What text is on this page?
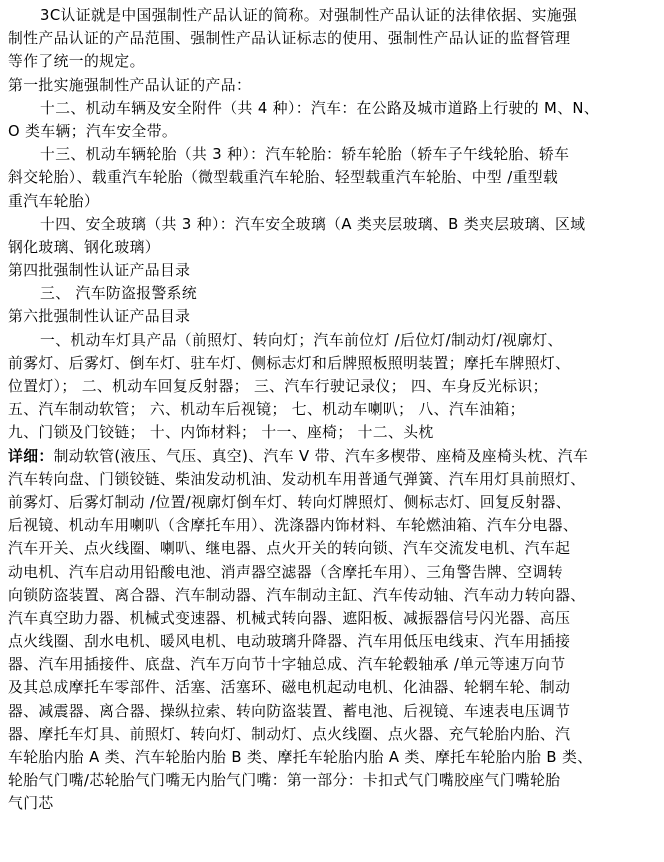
3C认证就是中国强制性产品认证的简称。对强制性产品认证的法律依据、实施强
制性产品认证的产品范围、强制性产品认证标志的使用、强制性产品认证的监督管理
等作了统一的规定。
第一批实施强制性产品认证的产品：
十二、机动车辆及安全附件（共 4 种）：汽车：在公路及城市道路上行驶的 M、N、
O 类车辆；汽车安全带。
十三、机动车辆轮胎（共 3 种）：汽车轮胎：轿车轮胎（轿车子午线轮胎、轿车
斜交轮胎）、载重汽车轮胎（微型载重汽车轮胎、轻型载重汽车轮胎、中型 /重型载
重汽车轮胎）
十四、安全玻璃（共 3 种）：汽车安全玻璃（A 类夹层玻璃、B 类夹层玻璃、区域
钢化玻璃、钢化玻璃）
第四批强制性认证产品目录
三、 汽车防盗报警系统
第六批强制性认证产品目录
一、机动车灯具产品（前照灯、转向灯；汽车前位灯 /后位灯/制动灯/视廓灯、
前雾灯、后雾灯、倒车灯、驻车灯、侧标志灯和后牌照板照明装置；摩托车牌照灯、
位置灯）； 二、机动车回复反射器； 三、汽车行驶记录仪； 四、车身反光标识；
五、汽车制动软管； 六、机动车后视镜； 七、机动车喇叭； 八、汽车油箱；
九、门锁及门铰链； 十、内饰材料； 十一、座椅； 十二、头枕
详细：制动软管(液压、气压、真空)、汽车 V 带、汽车多楔带、座椅及座椅头枕、汽车
汽车转向盘、门锁铰链、柴油发动机油、发动机车用普通气弹簧、汽车用灯具前照灯、
前雾灯、后雾灯制动 /位置/视廓灯倒车灯、转向灯牌照灯、侧标志灯、回复反射器、
后视镜、机动车用喇叭（含摩托车用）、洗涤器内饰材料、车轮燃油箱、汽车分电器、
汽车开关、点火线圈、喇叭、继电器、点火开关的转向锁、汽车交流发电机、汽车起
动电机、汽车启动用铅酸电池、消声器空滤器（含摩托车用）、三角警告牌、空调转
向锁防盗装置、离合器、汽车制动器、汽车制动主缸、汽车传动轴、汽车动力转向器、
汽车真空助力器、机械式变速器、机械式转向器、遮阳板、减振器信号闪光器、高压
点火线圈、刮水电机、暖风电机、电动玻璃升降器、汽车用低压电线束、汽车用插接
器、汽车用插接件、底盘、汽车万向节十字轴总成、汽车轮毂轴承 /单元等速万向节
及其总成摩托车零部件、活塞、活塞环、磁电机起动电机、化油器、轮辋车轮、制动
器、减震器、离合器、操纵拉索、转向防盗装置、蓄电池、后视镜、车速表电压调节
器、摩托车灯具、前照灯、转向灯、制动灯、点火线圈、点火器、充气轮胎内胎、汽
车轮胎内胎 A 类、汽车轮胎内胎 B 类、摩托车轮胎内胎 A 类、摩托车轮胎内胎 B 类、
轮胎气门嘴/芯轮胎气门嘴无内胎气门嘴：第一部分：卡扣式气门嘴胶座气门嘴轮胎
气门芯
